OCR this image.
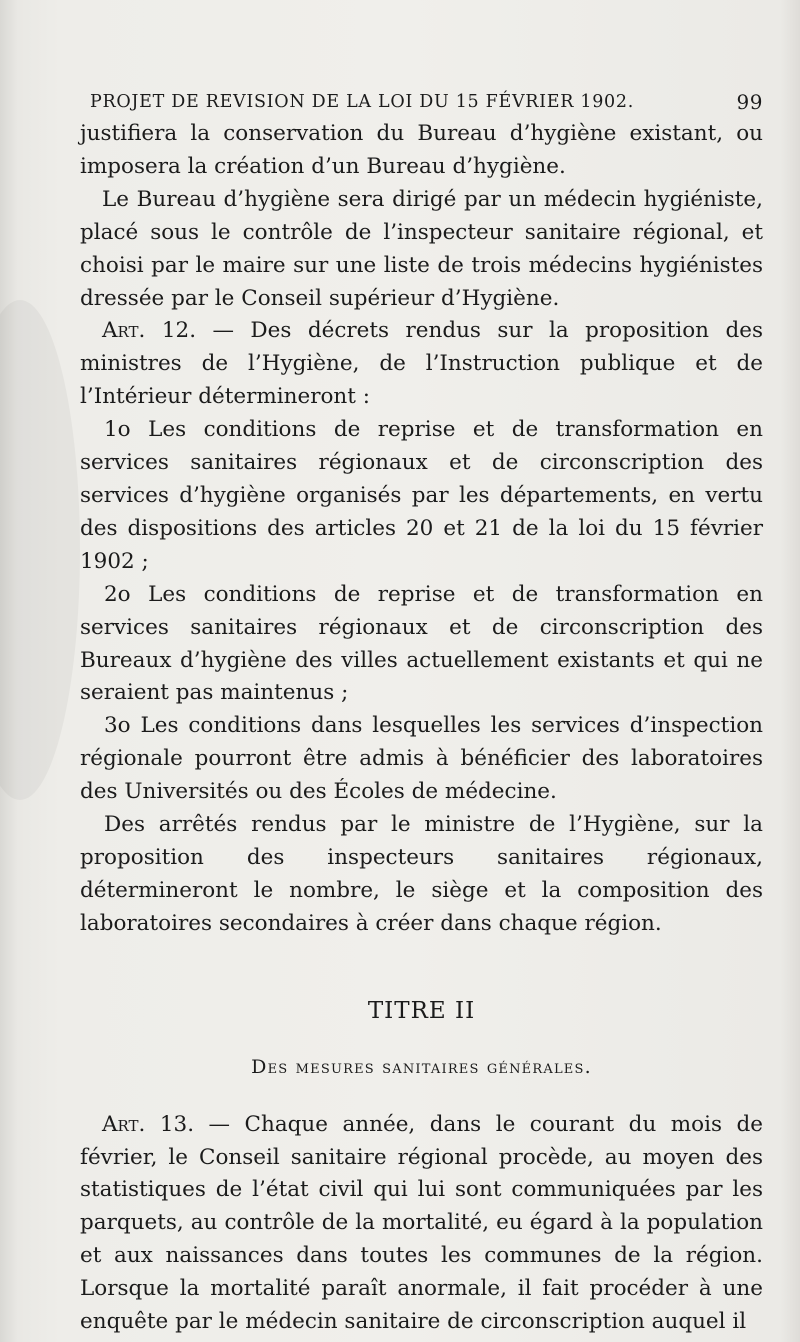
PROJET DE REVISION DE LA LOI DU 15 FÉVRIER 1902.	99

justifiera la conservation du Bureau d’hygiène existant, ou imposera la création d’un Bureau d’hygiène.

Le Bureau d’hygiène sera dirigé par un médecin hygiéniste, placé sous le contrôle de l’inspecteur sanitaire régional, et choisi par le maire sur une liste de trois médecins hygiénistes dressée par le Conseil supérieur d’Hygiène.

Art. 12. — Des décrets rendus sur la proposition des ministres de l’Hygiène, de l’Instruction publique et de l’Intérieur détermineront :

1o Les conditions de reprise et de transformation en services sanitaires régionaux et de circonscription des services d’hygiène organisés par les départements, en vertu des dispositions des articles 20 et 21 de la loi du 15 février 1902 ;

2o Les conditions de reprise et de transformation en services sanitaires régionaux et de circonscription des Bureaux d’hygiène des villes actuellement existants et qui ne seraient pas maintenus ;

3o Les conditions dans lesquelles les services d’inspection régionale pourront être admis à bénéficier des laboratoires des Universités ou des Écoles de médecine.

Des arrêtés rendus par le ministre de l’Hygiène, sur la proposition des inspecteurs sanitaires régionaux, détermineront le nombre, le siège et la composition des laboratoires secondaires à créer dans chaque région.

TITRE II
Des mesures sanitaires générales.

Art. 13. — Chaque année, dans le courant du mois de février, le Conseil sanitaire régional procède, au moyen des statistiques de l’état civil qui lui sont communiquées par les parquets, au contrôle de la mortalité, eu égard à la population et aux naissances dans toutes les communes de la région. Lorsque la mortalité paraît anormale, il fait procéder à une enquête par le médecin sanitaire de circonscription auquel il
